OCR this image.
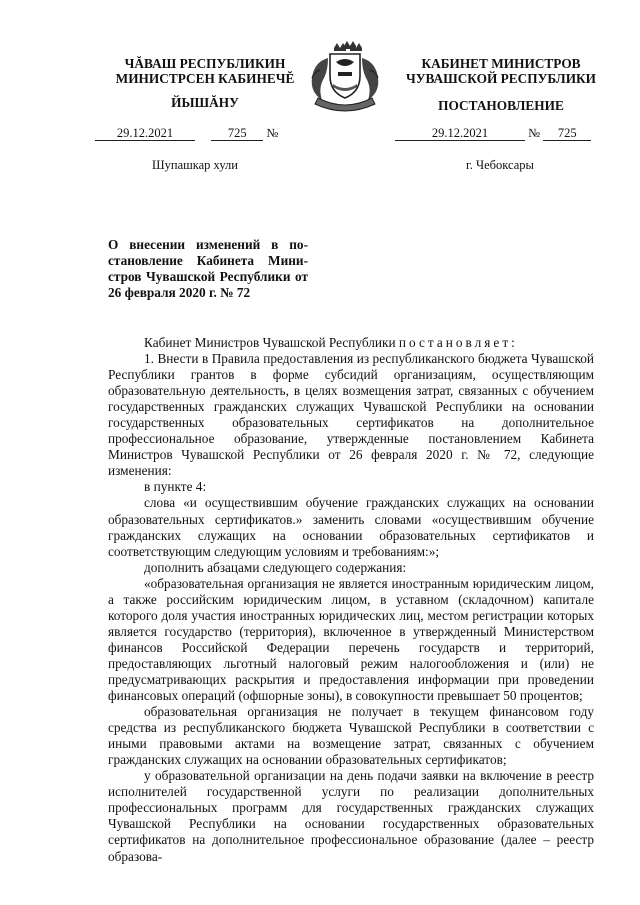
ЧĂВАШ РЕСПУБЛИКИН
МИНИСТРСЕН КАБИНЕЧĔ
КАБИНЕТ МИНИСТРОВ
ЧУВАШСКОЙ РЕСПУБЛИКИ
ЙЫШĂНУ	ПОСТАНОВЛЕНИЕ
29.12.2021	725 №	29.12.2021	№ 725
Шупашкар хули	г. Чебоксары
О внесении изменений в постановление Кабинета Министров Чувашской Республики от 26 февраля 2020 г. № 72

Кабинет Министров Чувашской Республики постановляет:

1. Внести в Правила предоставления из республиканского бюджета Чувашской Республики грантов в форме субсидий организациям, осуществляющим образовательную деятельность, в целях возмещения затрат, связанных с обучением государственных гражданских служащих Чувашской Республики на основании государственных образовательных сертификатов на дополнительное профессиональное образование, утвержденные постановлением Кабинета Министров Чувашской Республики от 26 февраля 2020 г. № 72, следующие изменения:

в пункте 4:

слова «и осуществившим обучение гражданских служащих на основании образовательных сертификатов.» заменить словами «осуществившим обучение гражданских служащих на основании образовательных сертификатов и соответствующим следующим условиям и требованиям:»;

дополнить абзацами следующего содержания:

«образовательная организация не является иностранным юридическим лицом, а также российским юридическим лицом, в уставном (складочном) капитале которого доля участия иностранных юридических лиц, местом регистрации которых является государство (территория), включенное в утвержденный Министерством финансов Российской Федерации перечень государств и территорий, предоставляющих льготный налоговый режим налогообложения и (или) не предусматривающих раскрытия и предоставления информации при проведении финансовых операций (офшорные зоны), в совокупности превышает 50 процентов;

образовательная организация не получает в текущем финансовом году средства из республиканского бюджета Чувашской Республики в соответствии с иными правовыми актами на возмещение затрат, связанных с обучением гражданских служащих на основании образовательных сертификатов;

у образовательной организации на день подачи заявки на включение в реестр исполнителей государственной услуги по реализации дополнительных профессиональных программ для государственных гражданских служащих Чувашской Республики на основании государственных образовательных сертификатов на дополнительное профессиональное образование (далее – реестр образова-
